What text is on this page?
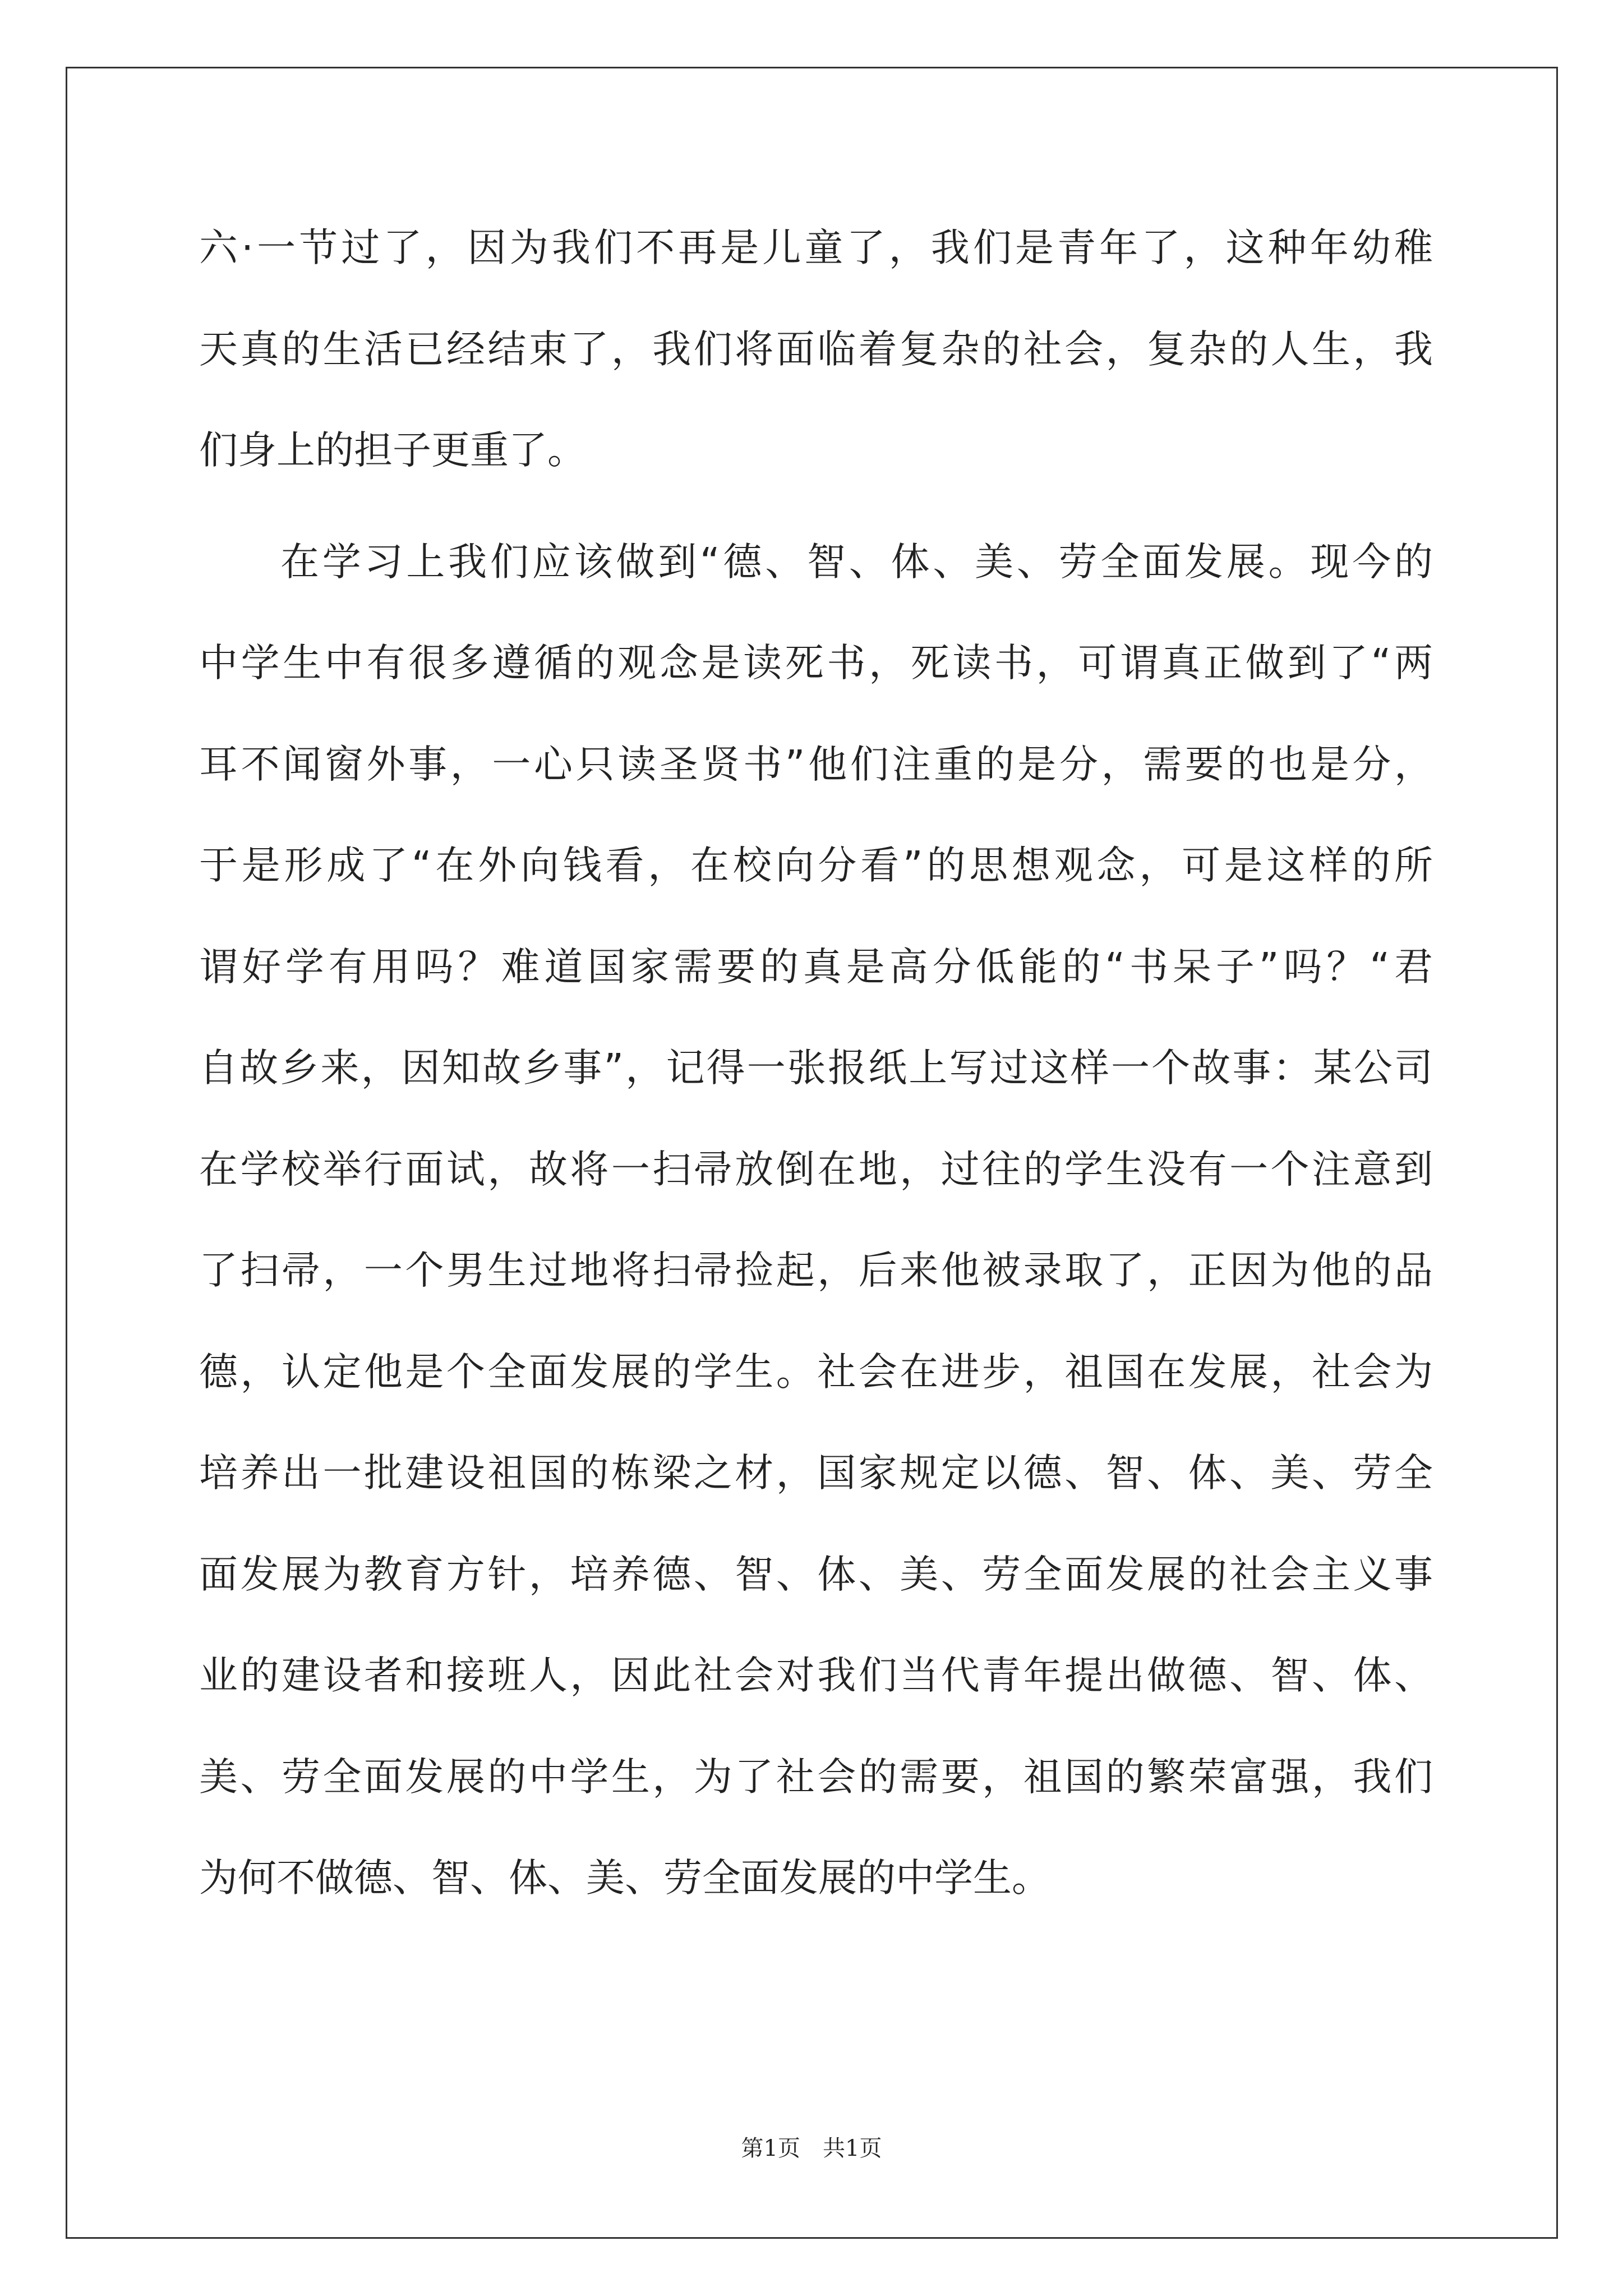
六·一节过了，因为我们不再是儿童了，我们是青年了，这种年幼稚
天真的生活已经结束了，我们将面临着复杂的社会，复杂的人生，我
们身上的担子更重了。
在学习上我们应该做到“德、智、体、美、劳全面发展。现今的
中学生中有很多遵循的观念是读死书，死读书，可谓真正做到了“两
耳不闻窗外事，一心只读圣贤书”他们注重的是分，需要的也是分，
于是形成了“在外向钱看，在校向分看”的思想观念，可是这样的所
谓好学有用吗？难道国家需要的真是高分低能的“书呆子”吗？“君
自故乡来，因知故乡事”，记得一张报纸上写过这样一个故事：某公司
在学校举行面试，故将一扫帚放倒在地，过往的学生没有一个注意到
了扫帚，一个男生过地将扫帚捡起，后来他被录取了，正因为他的品
德，认定他是个全面发展的学生。社会在进步，祖国在发展，社会为
培养出一批建设祖国的栋梁之材，国家规定以德、智、体、美、劳全
面发展为教育方针，培养德、智、体、美、劳全面发展的社会主义事
业的建设者和接班人，因此社会对我们当代青年提出做德、智、体、
美、劳全面发展的中学生，为了社会的需要，祖国的繁荣富强，我们
为何不做德、智、体、美、劳全面发展的中学生。
第1页　共1页
